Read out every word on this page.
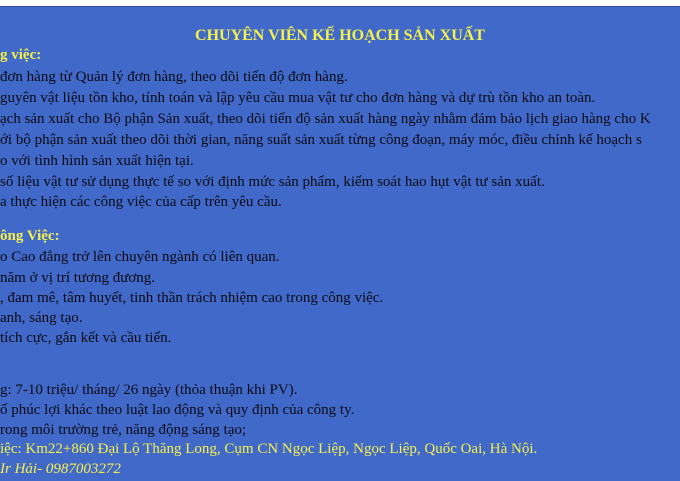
CHUYÊN VIÊN KẾ HOẠCH SẢN XUẤT
g việc:
đơn hàng từ Quản lý đơn hàng, theo dõi tiến độ đơn hàng.
guyên vật liệu tồn kho, tính toán và lập yêu cầu mua vật tư cho đơn hàng và dự trù tồn kho an toàn.
ạch sản xuất cho Bộ phận Sản xuất, theo dõi tiến độ sản xuất hàng ngày nhằm đảm bảo lịch giao hàng cho K
ới bộ phận sản xuất theo dõi thời gian, năng suất sản xuất từng công đoạn, máy móc, điều chỉnh kế hoạch s
o với tình hình sản xuất hiện tại.
số liệu vật tư sử dụng thực tế so với định mức sản phẩm, kiểm soát hao hụt vật tư sản xuất.
a thực hiện các công việc của cấp trên yêu cầu.
ông Việc:
o Cao đẳng trở lên chuyên ngành có liên quan.
năm ở vị trí tương đương.
, đam mê, tâm huyết, tinh thần trách nhiệm cao trong công việc.
anh, sáng tạo.
tích cực, gắn kết và cầu tiến.
g: 7-10 triệu/ tháng/ 26 ngày (thỏa thuận khi PV).
ố phúc lợi khác theo luật lao động và quy định của công ty.
rong môi trường trẻ, năng động sáng tạo;
iệc: Km22+860 Đại Lộ Thăng Long, Cụm CN Ngọc Liệp, Ngọc Liệp, Quốc Oai, Hà Nội.
Ir Hải- 0987003272
